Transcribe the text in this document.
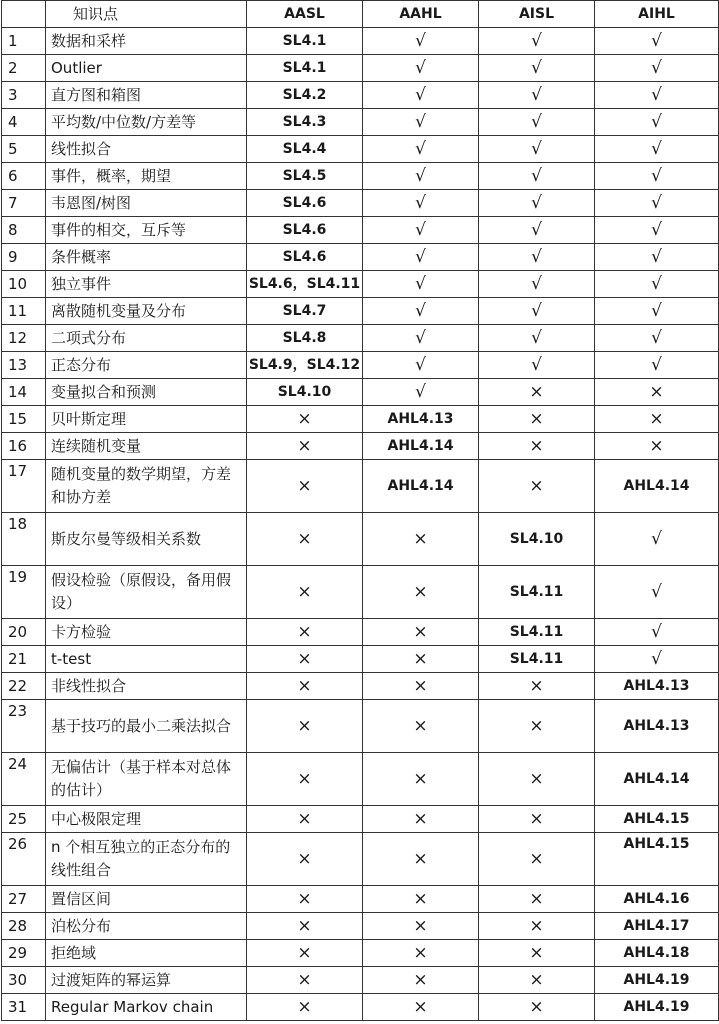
	知识点	AASL	AAHL	AISL	AIHL
1	数据和采样	SL4.1	√	√	√
2	Outlier	SL4.1	√	√	√
3	直方图和箱图	SL4.2	√	√	√
4	平均数/中位数/方差等	SL4.3	√	√	√
5	线性拟合	SL4.4	√	√	√
6	事件，概率，期望	SL4.5	√	√	√
7	韦恩图/树图	SL4.6	√	√	√
8	事件的相交，互斥等	SL4.6	√	√	√
9	条件概率	SL4.6	√	√	√
10	独立事件	SL4.6，SL4.11	√	√	√
11	离散随机变量及分布	SL4.7	√	√	√
12	二项式分布	SL4.8	√	√	√
13	正态分布	SL4.9，SL4.12	√	√	√
14	变量拟合和预测	SL4.10	√	×	×
15	贝叶斯定理	×	AHL4.13	×	×
16	连续随机变量	×	AHL4.14	×	×
17	随机变量的数学期望，方差和协方差	×	AHL4.14	×	AHL4.14
18	斯皮尔曼等级相关系数	×	×	SL4.10	√
19	假设检验（原假设，备用假设）	×	×	SL4.11	√
20	卡方检验	×	×	SL4.11	√
21	t-test	×	×	SL4.11	√
22	非线性拟合	×	×	×	AHL4.13
23	基于技巧的最小二乘法拟合	×	×	×	AHL4.13
24	无偏估计（基于样本对总体的估计）	×	×	×	AHL4.14
25	中心极限定理	×	×	×	AHL4.15
26	n 个相互独立的正态分布的线性组合	×	×	×	AHL4.15
27	置信区间	×	×	×	AHL4.16
28	泊松分布	×	×	×	AHL4.17
29	拒绝域	×	×	×	AHL4.18
30	过渡矩阵的幂运算	×	×	×	AHL4.19
31	Regular Markov chain	×	×	×	AHL4.19
